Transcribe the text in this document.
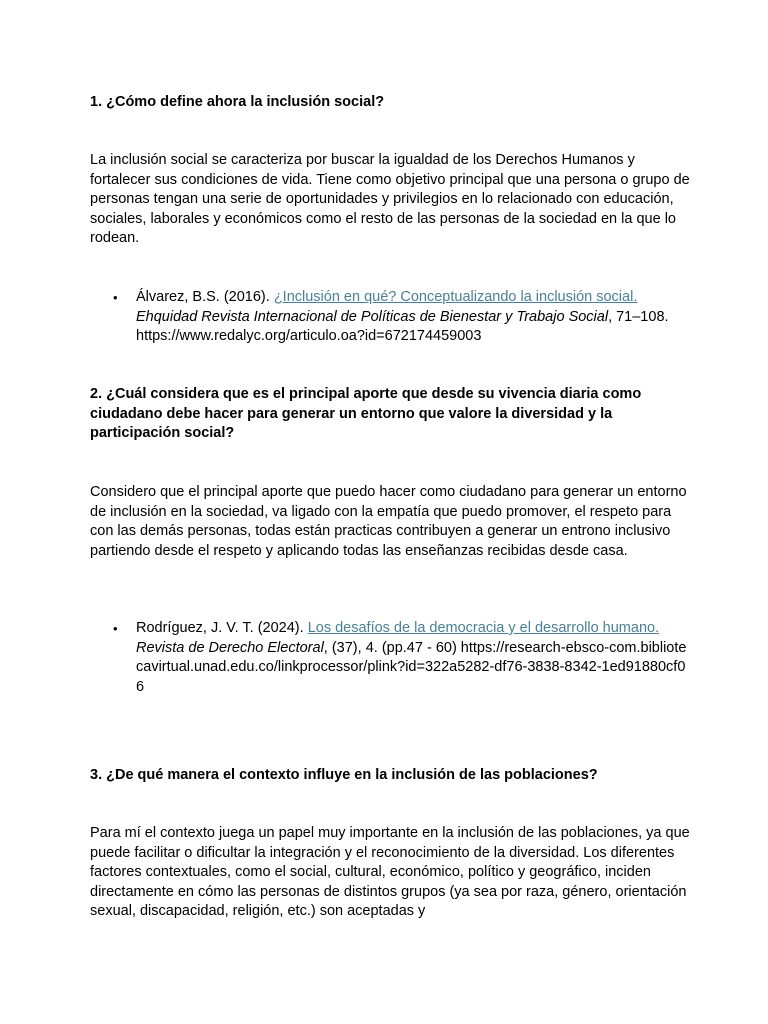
1. ¿Cómo define ahora la inclusión social?

La inclusión social se caracteriza por buscar la igualdad de los Derechos Humanos y fortalecer sus condiciones de vida. Tiene como objetivo principal que una persona o grupo de personas tengan una serie de oportunidades y privilegios en lo relacionado con educación, sociales, laborales y económicos como el resto de las personas de la sociedad en la que lo rodean.

• Álvarez, B.S. (2016). ¿Inclusión en qué? Conceptualizando la inclusión social. Ehquidad Revista Internacional de Políticas de Bienestar y Trabajo Social, 71–108. https://www.redalyc.org/articulo.oa?id=672174459003
2. ¿Cuál considera que es el principal aporte que desde su vivencia diaria como ciudadano debe hacer para generar un entorno que valore la diversidad y la participación social?

Considero que el principal aporte que puedo hacer como ciudadano para generar un entorno de inclusión en la sociedad, va ligado con la empatía que puedo promover, el respeto para con las demás personas, todas están practicas contribuyen a generar un entrono inclusivo partiendo desde el respeto y aplicando todas las enseñanzas recibidas desde casa.

• Rodríguez, J. V. T. (2024). Los desafíos de la democracia y el desarrollo humano. Revista de Derecho Electoral, (37), 4. (pp.47 - 60) https://research-ebsco-com.bibliotecavirtual.unad.edu.co/linkprocessor/plink?id=322a5282-df76-3838-8342-1ed91880cf06
3. ¿De qué manera el contexto influye en la inclusión de las poblaciones?

Para mí el contexto juega un papel muy importante en la inclusión de las poblaciones, ya que puede facilitar o dificultar la integración y el reconocimiento de la diversidad. Los diferentes factores contextuales, como el social, cultural, económico, político y geográfico, inciden directamente en cómo las personas de distintos grupos (ya sea por raza, género, orientación sexual, discapacidad, religión, etc.) son aceptadas y
